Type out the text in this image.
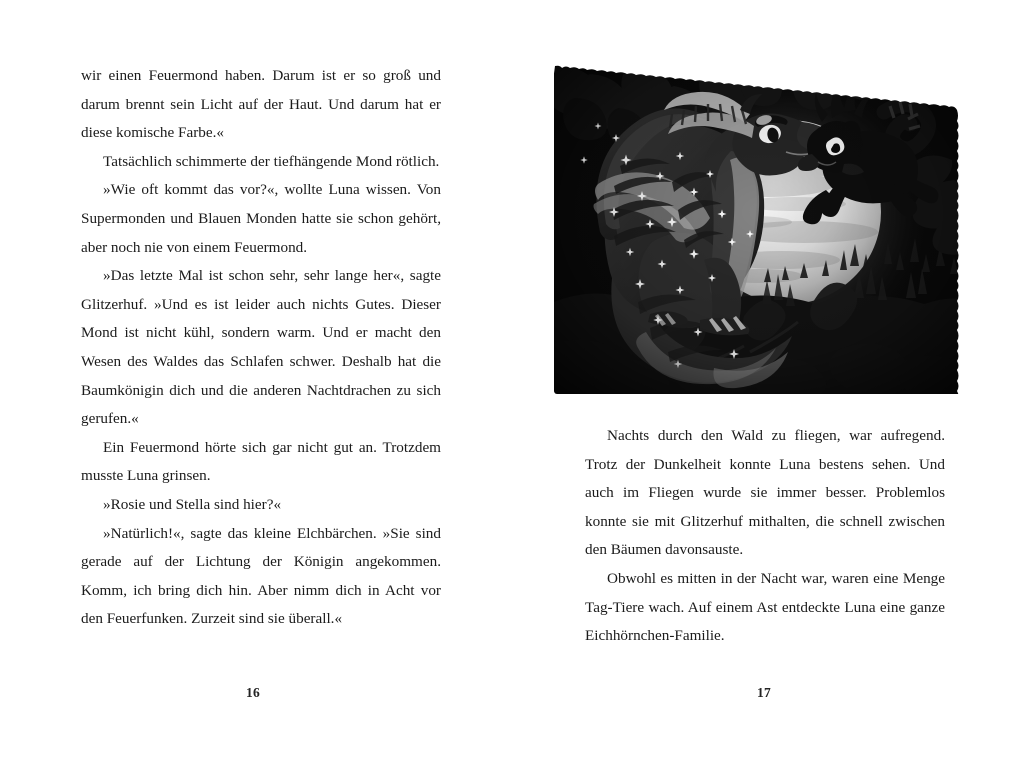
wir einen Feuermond haben. Darum ist er so groß und darum brennt sein Licht auf der Haut. Und darum hat er diese komische Farbe.«

Tatsächlich schimmerte der tiefhängende Mond rötlich.

»Wie oft kommt das vor?«, wollte Luna wissen. Von Supermonden und Blauen Monden hatte sie schon gehört, aber noch nie von einem Feuermond.

»Das letzte Mal ist schon sehr, sehr lange her«, sagte Glitzerhuf. »Und es ist leider auch nichts Gutes. Dieser Mond ist nicht kühl, sondern warm. Und er macht den Wesen des Waldes das Schlafen schwer. Deshalb hat die Baumkönigin dich und die anderen Nachtdrachen zu sich gerufen.«

Ein Feuermond hörte sich gar nicht gut an. Trotzdem musste Luna grinsen.

»Rosie und Stella sind hier?«

»Natürlich!«, sagte das kleine Elchbärchen. »Sie sind gerade auf der Lichtung der Königin angekommen. Komm, ich bring dich hin. Aber nimm dich in Acht vor den Feuerfunken. Zurzeit sind sie überall.«

16

Nachts durch den Wald zu fliegen, war aufregend. Trotz der Dunkelheit konnte Luna bestens sehen. Und auch im Fliegen wurde sie immer besser. Problemlos konnte sie mit Glitzerhuf mithalten, die schnell zwischen den Bäumen davonsauste.

Obwohl es mitten in der Nacht war, waren eine Menge Tag-Tiere wach. Auf einem Ast entdeckte Luna eine ganze Eichhörnchen-Familie.

17
